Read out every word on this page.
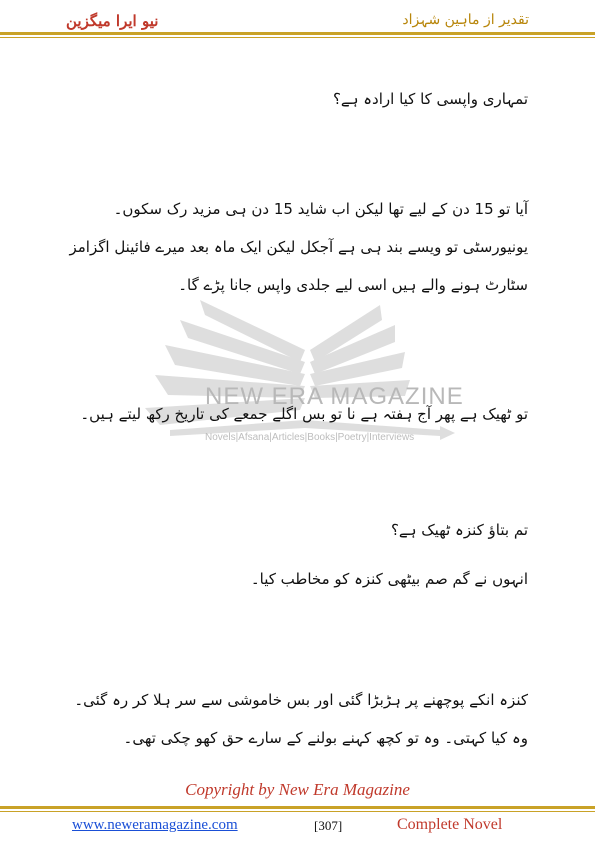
نیو ایرا میگزین	تقدیر از ماہین شہزاد
NEW ERA MAGAZINE
Novels|Afsana|Articles|Books|Poetry|Interviews
تمہاری واپسی کا کیا ارادہ ہے؟
آیا تو 15 دن کے لیے تھا لیکن اب شاید 15 دن ہی مزید رک سکوں۔ یونیورسٹی تو ویسے بند ہی ہے آجکل لیکن ایک ماہ بعد میرے فائینل اگزامز سٹارٹ ہونے والے ہیں اسی لیے جلدی واپس جانا پڑے گا۔
تو ٹھیک ہے پھر آج ہفتہ ہے نا تو بس اگلے جمعے کی تاریخ رکھ لیتے ہیں۔
تم بتاؤ کنزہ ٹھیک ہے؟
انہوں نے گم صم بیٹھی کنزہ کو مخاطب کیا۔
کنزہ انکے پوچھنے پر ہڑبڑا گئی اور بس خاموشی سے سر ہلا کر رہ گئی۔ وہ کیا کہتی۔ وہ تو کچھ کہنے بولنے کے سارے حق کھو چکی تھی۔
Copyright by New Era Magazine
www.neweramagazine.com	[307]	Complete Novel
